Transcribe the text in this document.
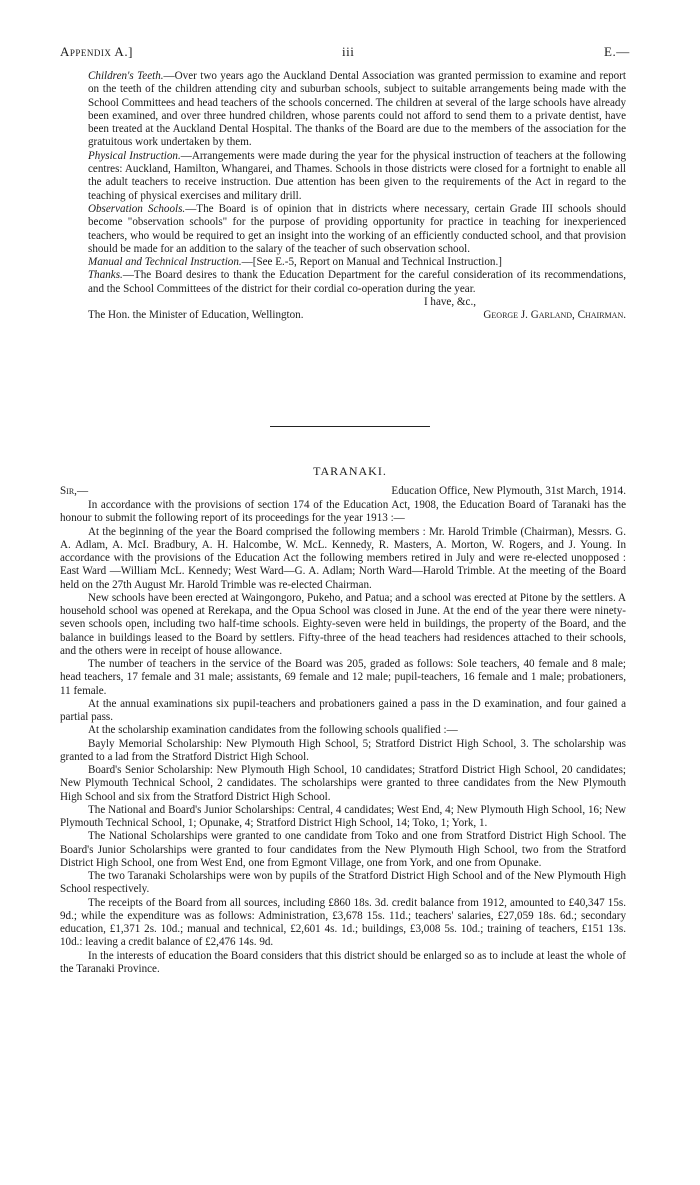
Appendix A.]	iii	E.—

Children's Teeth.—Over two years ago the Auckland Dental Association was granted permission to examine and report on the teeth of the children attending city and suburban schools, subject to suitable arrangements being made with the School Committees and head teachers of the schools concerned. The children at several of the large schools have already been examined, and over three hundred children, whose parents could not afford to send them to a private dentist, have been treated at the Auckland Dental Hospital. The thanks of the Board are due to the members of the association for the gratuitous work undertaken by them.

Physical Instruction.—Arrangements were made during the year for the physical instruction of teachers at the following centres: Auckland, Hamilton, Whangarei, and Thames. Schools in those districts were closed for a fortnight to enable all the adult teachers to receive instruction. Due attention has been given to the requirements of the Act in regard to the teaching of physical exercises and military drill.

Observation Schools.—The Board is of opinion that in districts where necessary, certain Grade III schools should become "observation schools" for the purpose of providing opportunity for practice in teaching for inexperienced teachers, who would be required to get an insight into the working of an efficiently conducted school, and that provision should be made for an addition to the salary of the teacher of such observation school.

Manual and Technical Instruction.—[See E.-5, Report on Manual and Technical Instruction.]

Thanks.—The Board desires to thank the Education Department for the careful consideration of its recommendations, and the School Committees of the district for their cordial co-operation during the year.

I have, &c.,

The Hon. the Minister of Education, Wellington.	George J. Garland, Chairman.
TARANAKI.
Sir,—	Education Office, New Plymouth, 31st March, 1914.

In accordance with the provisions of section 174 of the Education Act, 1908, the Education Board of Taranaki has the honour to submit the following report of its proceedings for the year 1913 :—

At the beginning of the year the Board comprised the following members : Mr. Harold Trimble (Chairman), Messrs. G. A. Adlam, A. McI. Bradbury, A. H. Halcombe, W. McL. Kennedy, R. Masters, A. Morton, W. Rogers, and J. Young. In accordance with the provisions of the Education Act the following members retired in July and were re-elected unopposed : East Ward —William McL. Kennedy; West Ward—G. A. Adlam; North Ward—Harold Trimble. At the meeting of the Board held on the 27th August Mr. Harold Trimble was re-elected Chairman.

New schools have been erected at Waingongoro, Pukeho, and Patua; and a school was erected at Pitone by the settlers. A household school was opened at Rerekapa, and the Opua School was closed in June. At the end of the year there were ninety-seven schools open, including two half-time schools. Eighty-seven were held in buildings, the property of the Board, and the balance in buildings leased to the Board by settlers. Fifty-three of the head teachers had residences attached to their schools, and the others were in receipt of house allowance.

The number of teachers in the service of the Board was 205, graded as follows: Sole teachers, 40 female and 8 male; head teachers, 17 female and 31 male; assistants, 69 female and 12 male; pupil-teachers, 16 female and 1 male; probationers, 11 female.

At the annual examinations six pupil-teachers and probationers gained a pass in the D examination, and four gained a partial pass.

At the scholarship examination candidates from the following schools qualified :—

Bayly Memorial Scholarship: New Plymouth High School, 5; Stratford District High School, 3. The scholarship was granted to a lad from the Stratford District High School.

Board's Senior Scholarship: New Plymouth High School, 10 candidates; Stratford District High School, 20 candidates; New Plymouth Technical School, 2 candidates. The scholarships were granted to three candidates from the New Plymouth High School and six from the Stratford District High School.

The National and Board's Junior Scholarships: Central, 4 candidates; West End, 4; New Plymouth High School, 16; New Plymouth Technical School, 1; Opunake, 4; Stratford District High School, 14; Toko, 1; York, 1.

The National Scholarships were granted to one candidate from Toko and one from Stratford District High School. The Board's Junior Scholarships were granted to four candidates from the New Plymouth High School, two from the Stratford District High School, one from West End, one from Egmont Village, one from York, and one from Opunake.

The two Taranaki Scholarships were won by pupils of the Stratford District High School and of the New Plymouth High School respectively.

The receipts of the Board from all sources, including £860 18s. 3d. credit balance from 1912, amounted to £40,347 15s. 9d.; while the expenditure was as follows: Administration, £3,678 15s. 11d.; teachers' salaries, £27,059 18s. 6d.; secondary education, £1,371 2s. 10d.; manual and technical, £2,601 4s. 1d.; buildings, £3,008 5s. 10d.; training of teachers, £151 13s. 10d.: leaving a credit balance of £2,476 14s. 9d.

In the interests of education the Board considers that this district should be enlarged so as to include at least the whole of the Taranaki Province.
